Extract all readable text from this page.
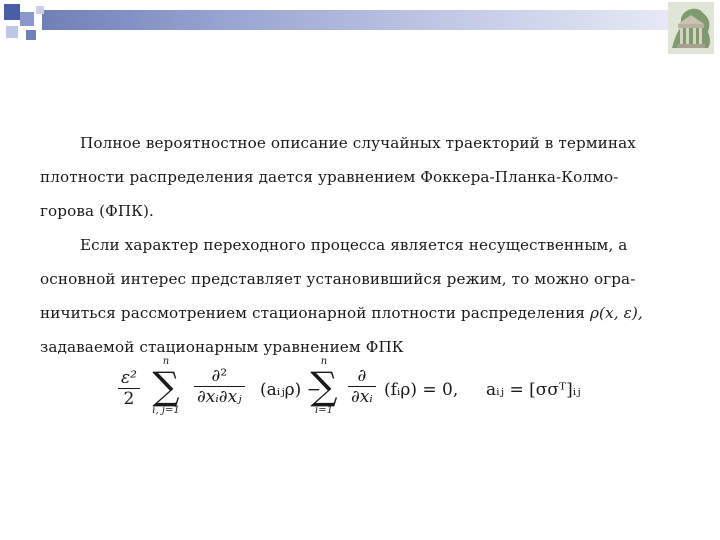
Полное вероятностное описание случайных траекторий в терминах
плотности распределения дается уравнением Фоккера-Планка-Колмо-
горова (ФПК).

Если характер переходного процесса является несущественным, а
основной интерес представляет установившийся режим, то можно огра-
ничиться рассмотрением стационарной плотности распределения ρ(x, ε),
задаваемой стационарным уравнением ФПК

$\frac{\text{ε²}}{2}$
n
∑
i, j=1
∂²
∂xᵢ∂xⱼ (aᵢⱼρ) −
n
∑
i=1
∂
∂xᵢ (fᵢρ) = 0, aᵢⱼ = [σσᵀ]ᵢⱼ
